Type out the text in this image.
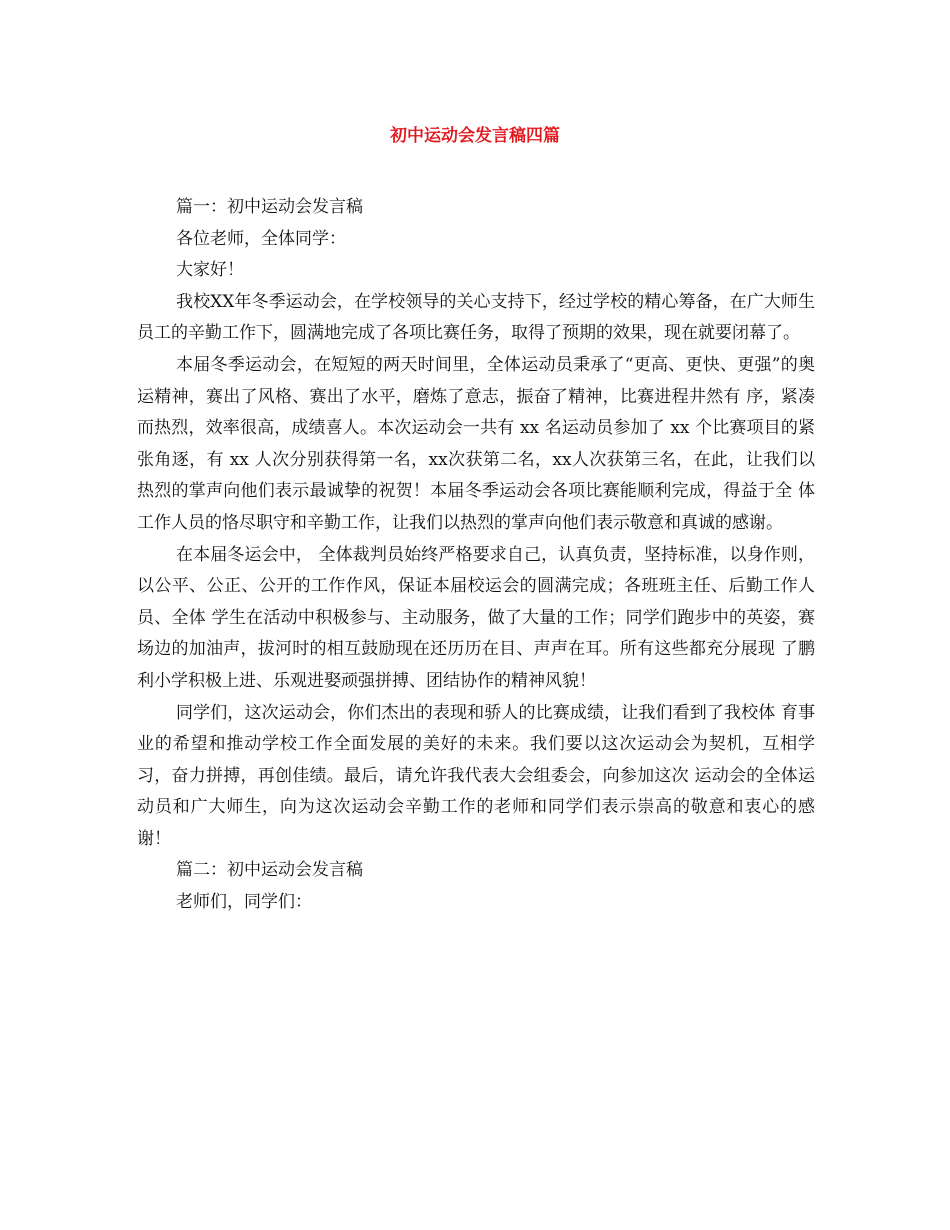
初中运动会发言稿四篇

篇一：初中运动会发言稿

各位老师，全体同学：

大家好！

我校XX年冬季运动会，在学校领导的关心支持下，经过学校的精心筹备，在广大师生员工的辛勤工作下，圆满地完成了各项比赛任务，取得了预期的效果，现在就要闭幕了。

本届冬季运动会，在短短的两天时间里，全体运动员秉承了“更高、更快、更强”的奥运精神，赛出了风格、赛出了水平，磨炼了意志，振奋了精神，比赛进程井然有 序，紧凑而热烈，效率很高，成绩喜人。本次运动会一共有 xx 名运动员参加了 xx 个比赛项目的紧张角逐，有 xx 人次分别获得第一名，xx次获第二名，xx人次获第三名，在此，让我们以热烈的掌声向他们表示最诚挚的祝贺！本届冬季运动会各项比赛能顺利完成，得益于全 体工作人员的恪尽职守和辛勤工作，让我们以热烈的掌声向他们表示敬意和真诚的感谢。

在本届冬运会中， 全体裁判员始终严格要求自己，认真负责，坚持标准，以身作则，以公平、公正、公开的工作作风，保证本届校运会的圆满完成；各班班主任、后勤工作人员、全体 学生在活动中积极参与、主动服务，做了大量的工作；同学们跑步中的英姿，赛场边的加油声，拔河时的相互鼓励现在还历历在目、声声在耳。所有这些都充分展现 了鹏利小学积极上进、乐观进娶顽强拼搏、团结协作的精神风貌！

同学们，这次运动会，你们杰出的表现和骄人的比赛成绩，让我们看到了我校体 育事业的希望和推动学校工作全面发展的美好的未来。我们要以这次运动会为契机，互相学习，奋力拼搏，再创佳绩。最后，请允许我代表大会组委会，向参加这次 运动会的全体运动员和广大师生，向为这次运动会辛勤工作的老师和同学们表示崇高的敬意和衷心的感谢！

篇二：初中运动会发言稿

老师们，同学们：
